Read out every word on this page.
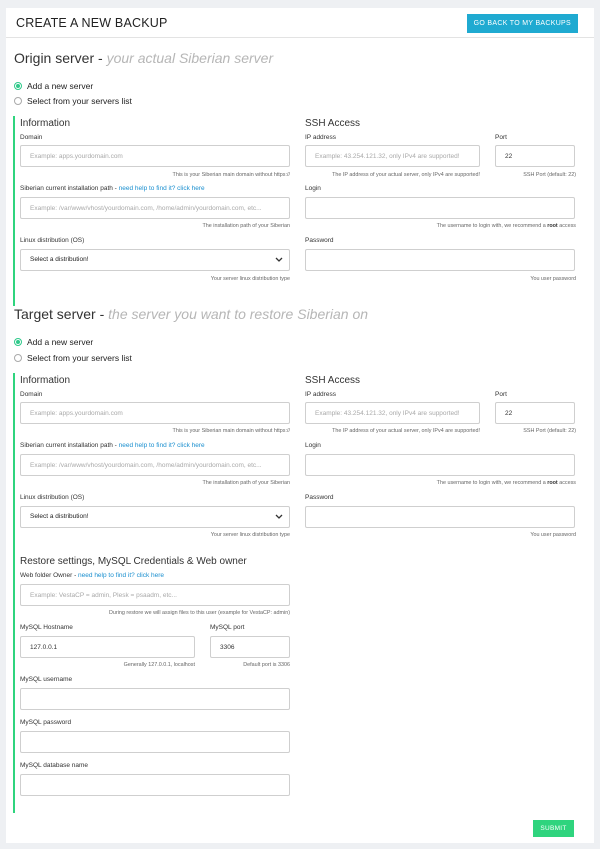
CREATE A NEW BACKUP	GO BACK TO MY BACKUPS
Origin server - your actual Siberian server
Add a new server
Select from your servers list
Information
Domain
Example: apps.yourdomain.com
This is your Siberian main domain without https://
Siberian current installation path - need help to find it? click here
Example: /var/www/vhost/yourdomain.com, /home/admin/yourdomain.com, etc...
The installation path of your Siberian
Linux distribution (OS)
Select a distribution!
Your server linux distribution type
SSH Access
IP address
Example: 43.254.121.32, only IPv4 are supported!
The IP address of your actual server, only IPv4 are supported!
Port
22
SSH Port (default: 22)
Login
The username to login with, we recommend a root access
Password
You user password
Target server - the server you want to restore Siberian on
Add a new server
Select from your servers list
Information
Domain
Example: apps.yourdomain.com
This is your Siberian main domain without https://
Siberian current installation path - need help to find it? click here
Example: /var/www/vhost/yourdomain.com, /home/admin/yourdomain.com, etc...
The installation path of your Siberian
Linux distribution (OS)
Select a distribution!
Your server linux distribution type
SSH Access
IP address
Example: 43.254.121.32, only IPv4 are supported!
The IP address of your actual server, only IPv4 are supported!
Port
22
SSH Port (default: 22)
Login
The username to login with, we recommend a root access
Password
You user password
Restore settings, MySQL Credentials & Web owner
Web folder Owner - need help to find it? click here
Example: VestaCP = admin, Plesk = psaadm, etc...
During restore we will assign files to this user (example for VestaCP: admin)
MySQL Hostname
127.0.0.1
Generally 127.0.0.1, localhost
MySQL port
3306
Default port is 3306
MySQL username
MySQL password
MySQL database name
SUBMIT
